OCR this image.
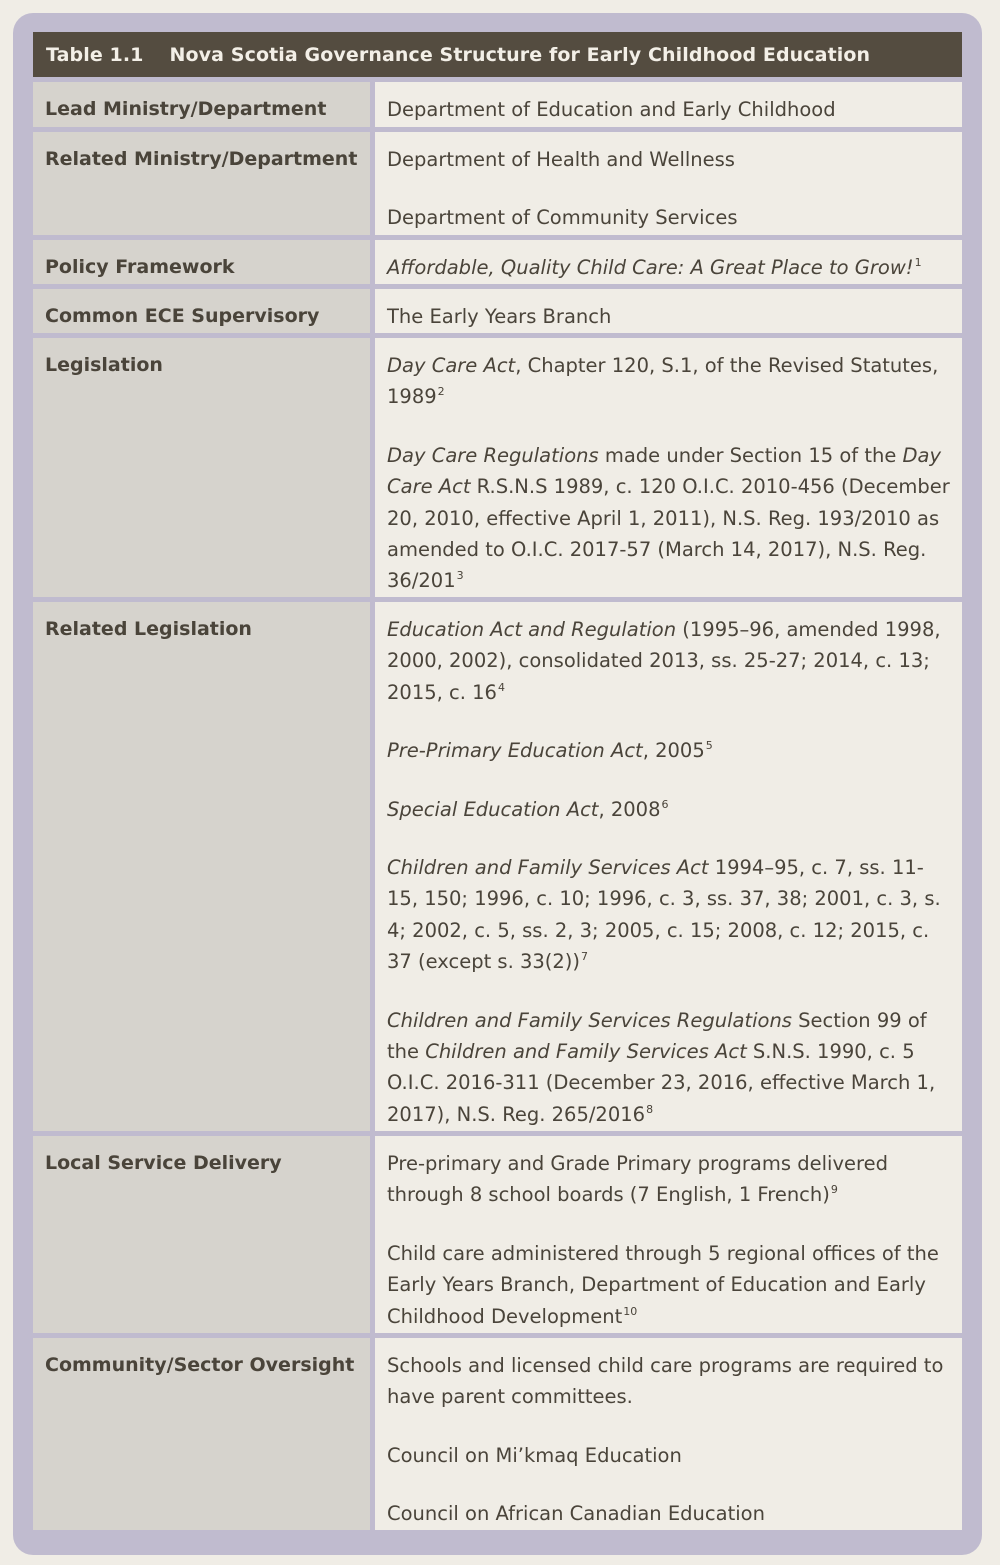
Table 1.1 Nova Scotia Governance Structure for Early Childhood Education
Lead Ministry/Department	Department of Education and Early Childhood

Related Ministry/Department	Department of Health and Wellness

Department of Community Services

Policy Framework	Affordable, Quality Child Care: A Great Place to Grow!$^1$

Common ECE Supervisory	The Early Years Branch

Legislation	Day Care Act, Chapter 120, S.1, of the Revised Statutes, 1989$^2$

Day Care Regulations made under Section 15 of the Day Care Act R.S.N.S 1989, c. 120 O.I.C. 2010-456 (December 20, 2010, effective April 1, 2011), N.S. Reg. 193/2010 as amended to O.I.C. 2017-57 (March 14, 2017), N.S. Reg. $36/201^3$

Related Legislation	Education Act and Regulation (1995–96, amended 1998, 2000, 2002), consolidated 2013, ss. 25-27; 2014, c. 13; 2015, c. $16^4$

Pre-Primary Education Act, 2005$^5$

Special Education Act, 2008$^6$

Children and Family Services Act 1994–95, c. 7, ss. 11-15, 150; 1996, c. 10; 1996, c. 3, ss. 37, 38; 2001, c. 3, s. 4; 2002, c. 5, ss. 2, 3; 2005, c. 15; 2008, c. 12; 2015, c. 37 (except s. 33(2))$^7$

Children and Family Services Regulations Section 99 of the Children and Family Services Act S.N.S. 1990, c. 5 O.I.C. 2016-311 (December 23, 2016, effective March 1, 2017), N.S. Reg. 265/2016$^8$

Local Service Delivery	Pre-primary and Grade Primary programs delivered through 8 school boards (7 English, 1 French)$^9$

Child care administered through 5 regional offices of the Early Years Branch, Department of Education and Early Childhood Development$^{10}$

Community/Sector Oversight	Schools and licensed child care programs are required to have parent committees.

Council on Mi’kmaq Education

Council on African Canadian Education
